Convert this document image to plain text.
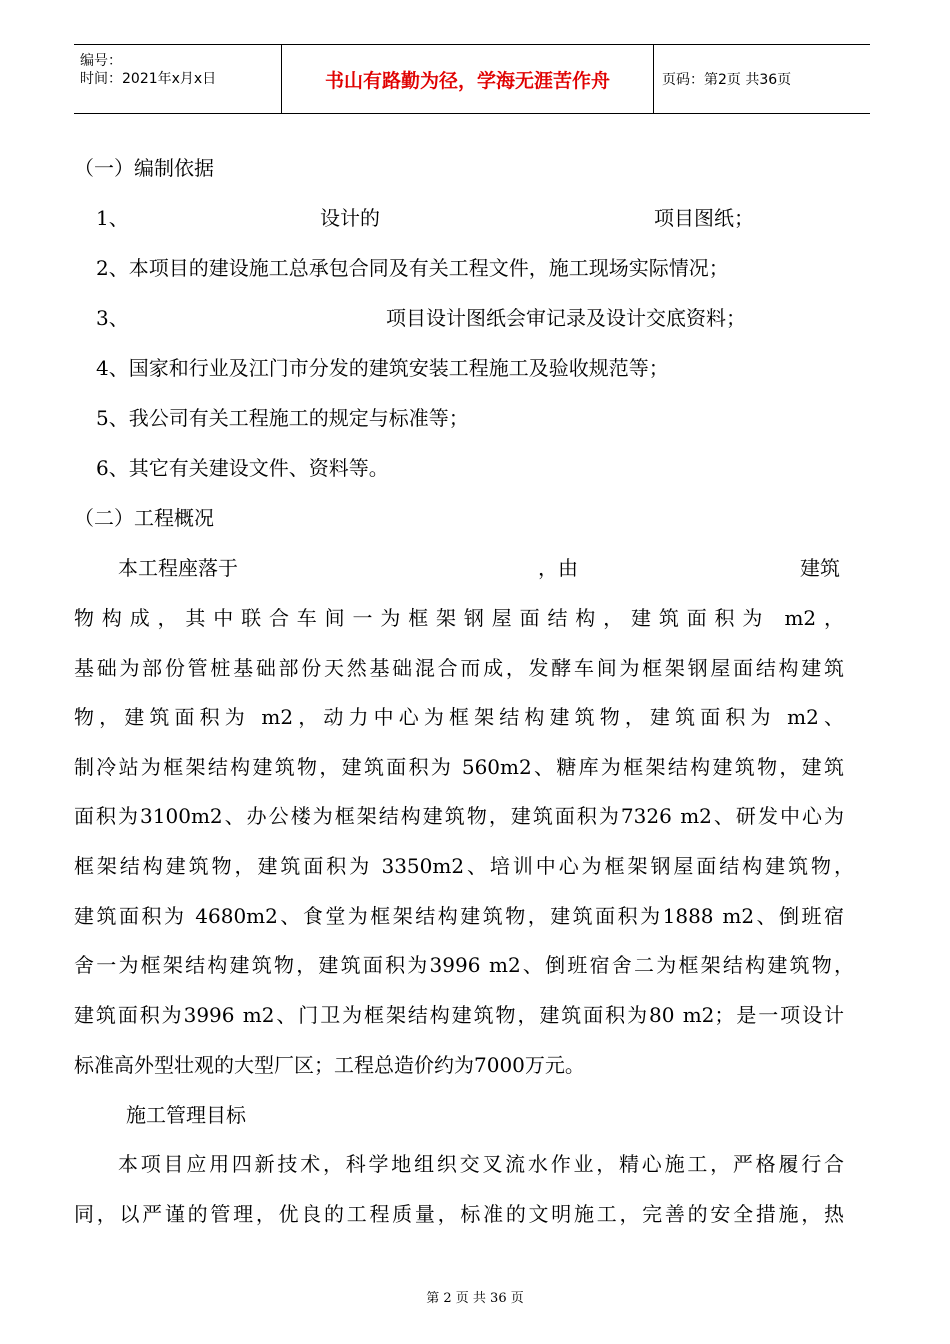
编号：
时间：2021年x月x日	书山有路勤为径，学海无涯苦作舟	页码：第2页 共36页
（一）编制依据
1、	设计的	项目图纸；
2、本项目的建设施工总承包合同及有关工程文件，施工现场实际情况；
3、	项目设计图纸会审记录及设计交底资料；
4、国家和行业及江门市分发的建筑安装工程施工及验收规范等；
5、我公司有关工程施工的规定与标准等；
6、其它有关建设文件、资料等。
（二）工程概况
本工程座落于	，由	建筑
物构成，其中联合车间一为框架钢屋面结构，建筑面积为 m2，
基础为部份管桩基础部份天然基础混合而成，发酵车间为框架钢屋面结构建筑
物，建筑面积为 m2，动力中心为框架结构建筑物，建筑面积为 m2、
制冷站为框架结构建筑物，建筑面积为 560m2、糖库为框架结构建筑物，建筑
面积为3100m2、办公楼为框架结构建筑物，建筑面积为7326 m2、研发中心为
框架结构建筑物，建筑面积为 3350m2、培训中心为框架钢屋面结构建筑物，
建筑面积为 4680m2、食堂为框架结构建筑物，建筑面积为1888 m2、倒班宿
舍一为框架结构建筑物，建筑面积为3996 m2、倒班宿舍二为框架结构建筑物，
建筑面积为3996 m2、门卫为框架结构建筑物，建筑面积为80 m2；是一项设计
标准高外型壮观的大型厂区；工程总造价约为7000万元。
施工管理目标
本项目应用四新技术，科学地组织交叉流水作业，精心施工，严格履行合
同，以严谨的管理，优良的工程质量，标准的文明施工，完善的安全措施，热
第 2 页 共 36 页
